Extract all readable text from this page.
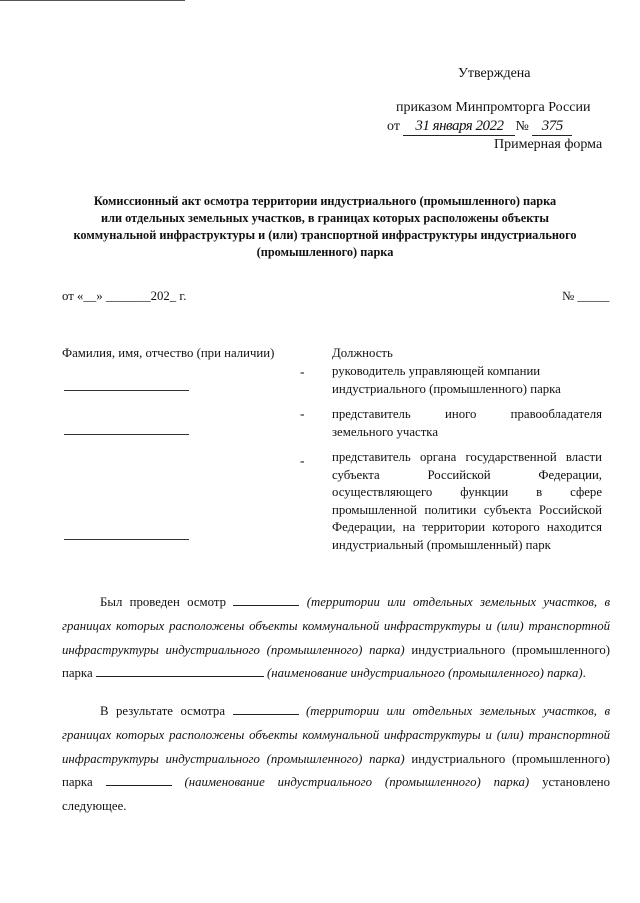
Утверждена
приказом Минпромторга России
от 31 января 2022 № 375
Примерная форма
Комиссионный акт осмотра территории индустриального (промышленного) парка
или отдельных земельных участков, в границах которых расположены объекты
коммунальной инфраструктуры и (или) транспортной инфраструктуры индустриального
(промышленного) парка
от «__» _______202_ г.	№ _____
Фамилия, имя, отчество (при наличии)	Должность
- руководитель управляющей компании
индустриального (промышленного) парка
- представитель иного правообладателя
земельного участка
- представитель органа государственной власти
субъекта Российской Федерации,
осуществляющего функции в сфере
промышленной политики субъекта Российской
Федерации, на территории которого находится
индустриальный (промышленный) парк
Был проведен осмотр	(территории или отдельных земельных участков, в границах которых расположены объекты коммунальной инфраструктуры и (или) транспортной инфраструктуры индустриального (промышленного) парка) индустриального (промышленного) парка	(наименование индустриального (промышленного) парка).
В результате осмотра	(территории или отдельных земельных участков, в границах которых расположены объекты коммунальной инфраструктуры и (или) транспортной инфраструктуры индустриального (промышленного) парка) индустриального (промышленного) парка	(наименование индустриального (промышленного) парка) установлено следующее.
